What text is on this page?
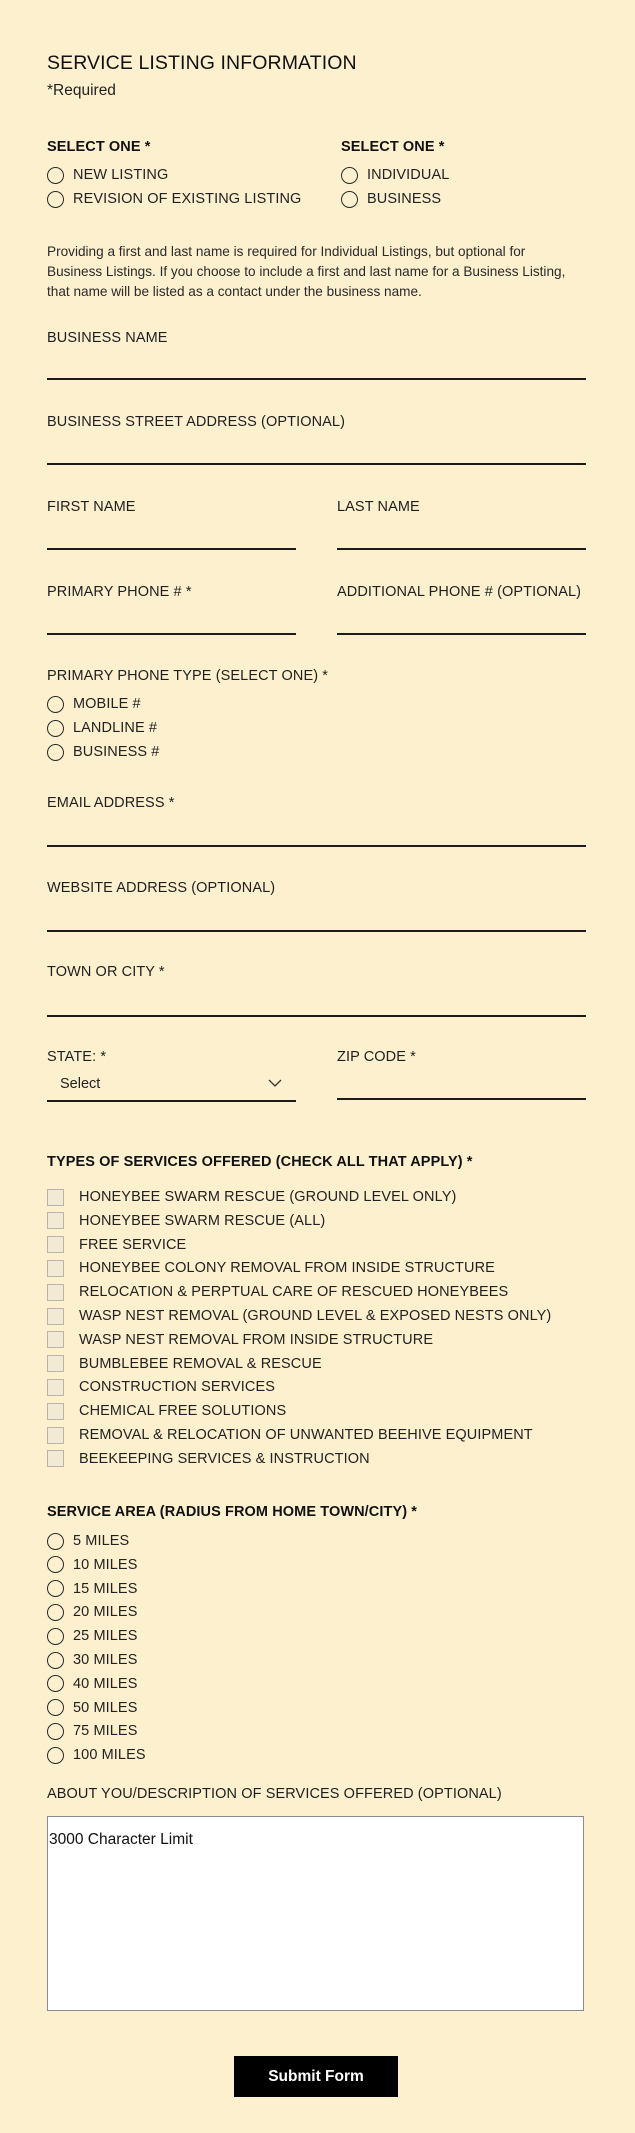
SERVICE LISTING INFORMATION
*Required
SELECT ONE *
NEW LISTING
REVISION OF EXISTING LISTING
SELECT ONE *
INDIVIDUAL
BUSINESS
Providing a first and last name is required for Individual Listings, but optional for Business Listings. If you choose to include a first and last name for a Business Listing, that name will be listed as a contact under the business name.
BUSINESS NAME
BUSINESS STREET ADDRESS (OPTIONAL)
FIRST NAME	LAST NAME
PRIMARY PHONE # *	ADDITIONAL PHONE # (OPTIONAL)
PRIMARY PHONE TYPE (SELECT ONE) *
MOBILE #
LANDLINE #
BUSINESS #
EMAIL ADDRESS *
WEBSITE ADDRESS (OPTIONAL)
TOWN OR CITY *
STATE: *
Select
ZIP CODE *
TYPES OF SERVICES OFFERED (CHECK ALL THAT APPLY) *
HONEYBEE SWARM RESCUE (GROUND LEVEL ONLY)
HONEYBEE SWARM RESCUE (ALL)
FREE SERVICE
HONEYBEE COLONY REMOVAL FROM INSIDE STRUCTURE
RELOCATION & PERPTUAL CARE OF RESCUED HONEYBEES
WASP NEST REMOVAL (GROUND LEVEL & EXPOSED NESTS ONLY)
WASP NEST REMOVAL FROM INSIDE STRUCTURE
BUMBLEBEE REMOVAL & RESCUE
CONSTRUCTION SERVICES
CHEMICAL FREE SOLUTIONS
REMOVAL & RELOCATION OF UNWANTED BEEHIVE EQUIPMENT
BEEKEEPING SERVICES & INSTRUCTION
SERVICE AREA (RADIUS FROM HOME TOWN/CITY) *
5 MILES
10 MILES
15 MILES
20 MILES
25 MILES
30 MILES
40 MILES
50 MILES
75 MILES
100 MILES
ABOUT YOU/DESCRIPTION OF SERVICES OFFERED (OPTIONAL)
3000 Character Limit
Submit Form
